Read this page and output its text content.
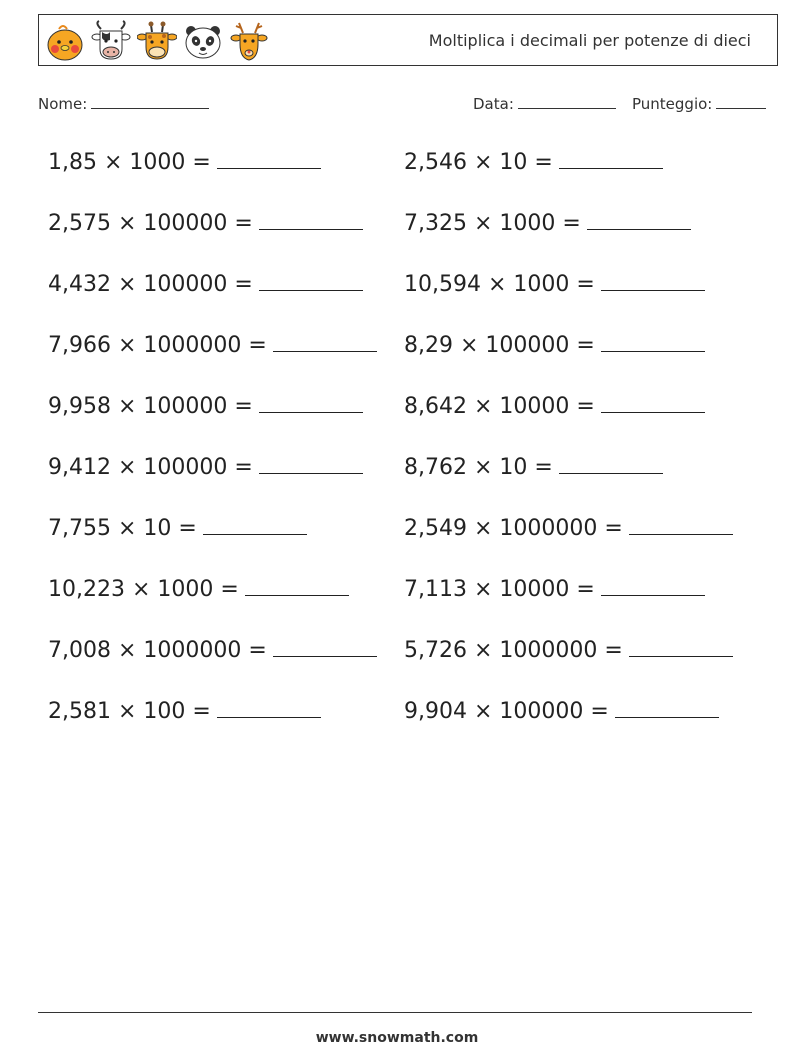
Moltiplica i decimali per potenze di dieci
Nome:	Data:	Punteggio:
1,85 × 1000 =
2,575 × 100000 =
4,432 × 100000 =
7,966 × 1000000 =
9,958 × 100000 =
9,412 × 100000 =
7,755 × 10 =
10,223 × 1000 =
7,008 × 1000000 =
2,581 × 100 =
2,546 × 10 =
7,325 × 1000 =
10,594 × 1000 =
8,29 × 100000 =
8,642 × 10000 =
8,762 × 10 =
2,549 × 1000000 =
7,113 × 10000 =
5,726 × 1000000 =
9,904 × 100000 =
www.snowmath.com
